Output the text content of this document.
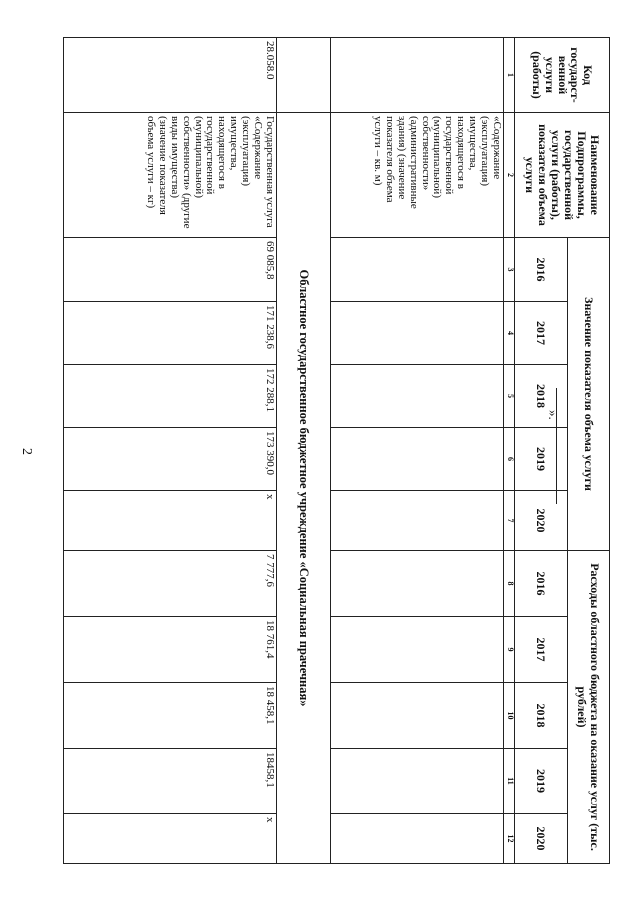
2
Код государст-венной услуги (работы)	Наименование Подпрограммы, государственной услуги (работы), показателя объема услуги	Значение показателя объема услуги					Расходы областного бюджета на оказание услуг (тыс. рублей)				
		2016	2017	2018	2019	2020	2016	2017	2018	2019	2020
1	2	3	4	5	6	7	8	9	10	11	12
	«Содержание (эксплуатация) имущества, находящегося в государственной (муниципальной) собственности» (административные здания) (значение показателя объема услуги – кв. м)										
	Областное государственное бюджетное учреждение «Социальная прачечная»										
28.058.0	Государственная услуга «Содержание (эксплуатация) имущества, находящегося в государственной (муниципальной) собственности» (другие виды имущества) (значение показателя объема услуги – кг)	69 085,8	171 238,6	172 288,1	173 390,0	x	7 777,6	18 761,4	18 458,1	18458,1	x
».
